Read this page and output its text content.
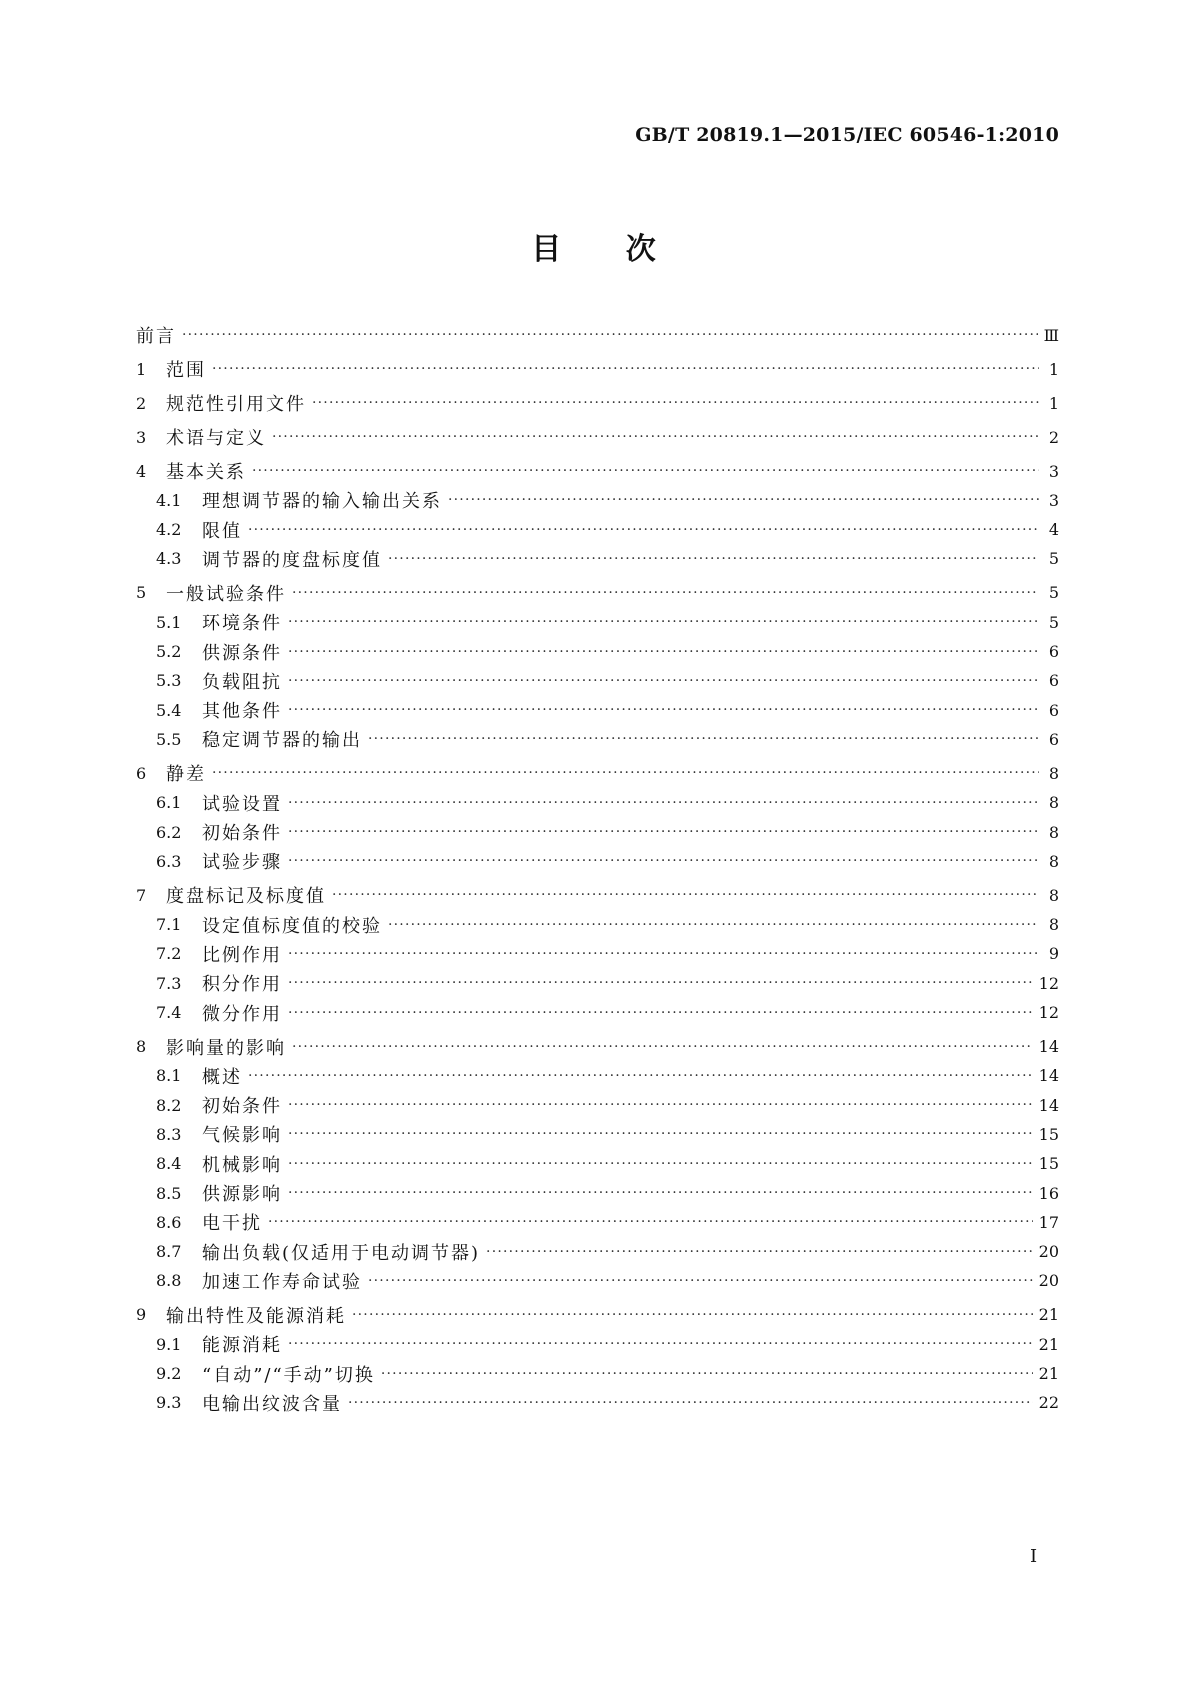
GB/T 20819.1—2015/IEC 60546-1:2010
目 次
前言 ·····	Ⅲ
1	范围 ·····	1
2	规范性引用文件 ·····	1
3	术语与定义 ·····	2
4	基本关系 ·····	3
4.1	理想调节器的输入输出关系 ·····	3
4.2	限值 ·····	4
4.3	调节器的度盘标度值 ·····	5
5	一般试验条件 ·····	5
5.1	环境条件 ·····	5
5.2	供源条件 ·····	6
5.3	负载阻抗 ·····	6
5.4	其他条件 ·····	6
5.5	稳定调节器的输出 ·····	6
6	静差 ·····	8
6.1	试验设置 ·····	8
6.2	初始条件 ·····	8
6.3	试验步骤 ·····	8
7	度盘标记及标度值 ·····	8
7.1	设定值标度值的校验 ·····	8
7.2	比例作用 ·····	9
7.3	积分作用 ·····	12
7.4	微分作用 ·····	12
8	影响量的影响 ·····	14
8.1	概述 ·····	14
8.2	初始条件 ·····	14
8.3	气候影响 ·····	15
8.4	机械影响 ·····	15
8.5	供源影响 ·····	16
8.6	电干扰 ·····	17
8.7	输出负载(仅适用于电动调节器) ·····	20
8.8	加速工作寿命试验 ·····	20
9	输出特性及能源消耗 ·····	21
9.1	能源消耗 ·····	21
9.2	“自动”/“手动”切换 ·····	21
9.3	电输出纹波含量 ·····	22
I
